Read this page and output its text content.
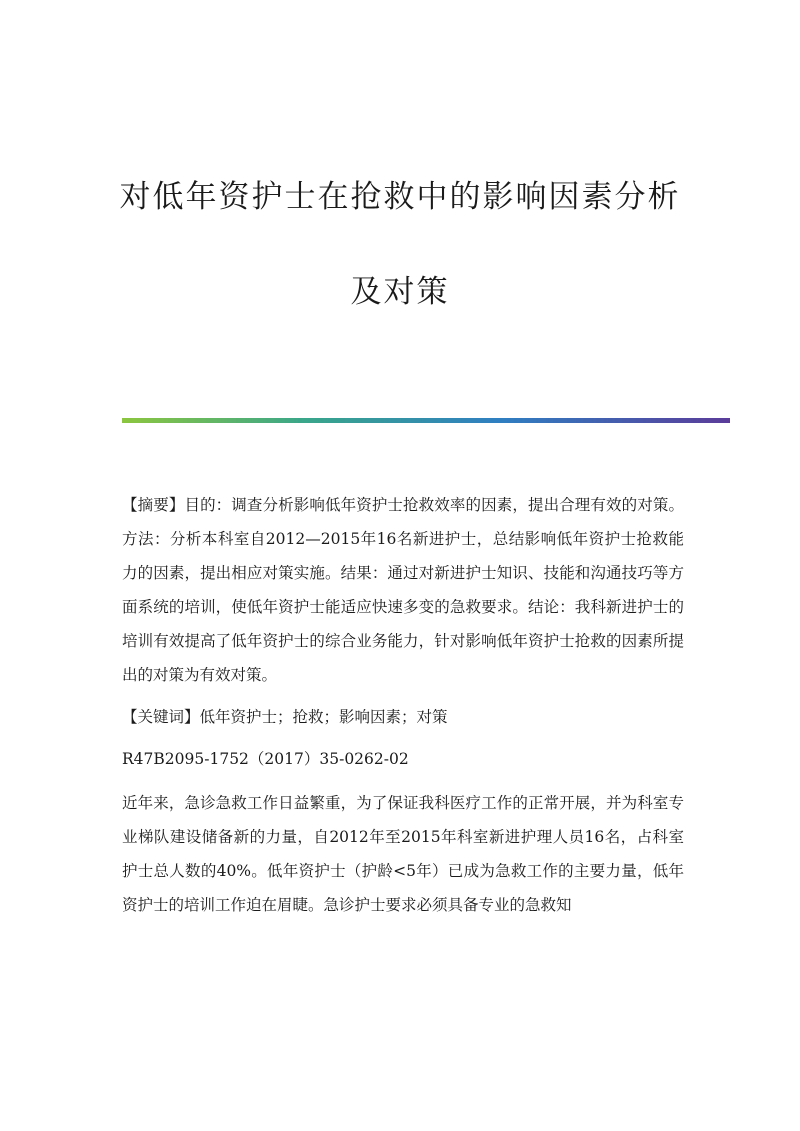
对低年资护士在抢救中的影响因素分析
及对策

【摘要】目的：调查分析影响低年资护士抢救效率的因素，提出合理有效的对策。方法：分析本科室自2012—2015年16名新进护士，总结影响低年资护士抢救能力的因素，提出相应对策实施。结果：通过对新进护士知识、技能和沟通技巧等方面系统的培训，使低年资护士能适应快速多变的急救要求。结论：我科新进护士的培训有效提高了低年资护士的综合业务能力，针对影响低年资护士抢救的因素所提出的对策为有效对策。

【关键词】低年资护士；抢救；影响因素；对策

R47B2095-1752（2017）35-0262-02

近年来，急诊急救工作日益繁重，为了保证我科医疗工作的正常开展，并为科室专业梯队建设储备新的力量，自2012年至2015年科室新进护理人员16名，占科室护士总人数的40%。低年资护士（护龄<5年）已成为急救工作的主要力量，低年资护士的培训工作迫在眉睫。急诊护士要求必须具备专业的急救知
